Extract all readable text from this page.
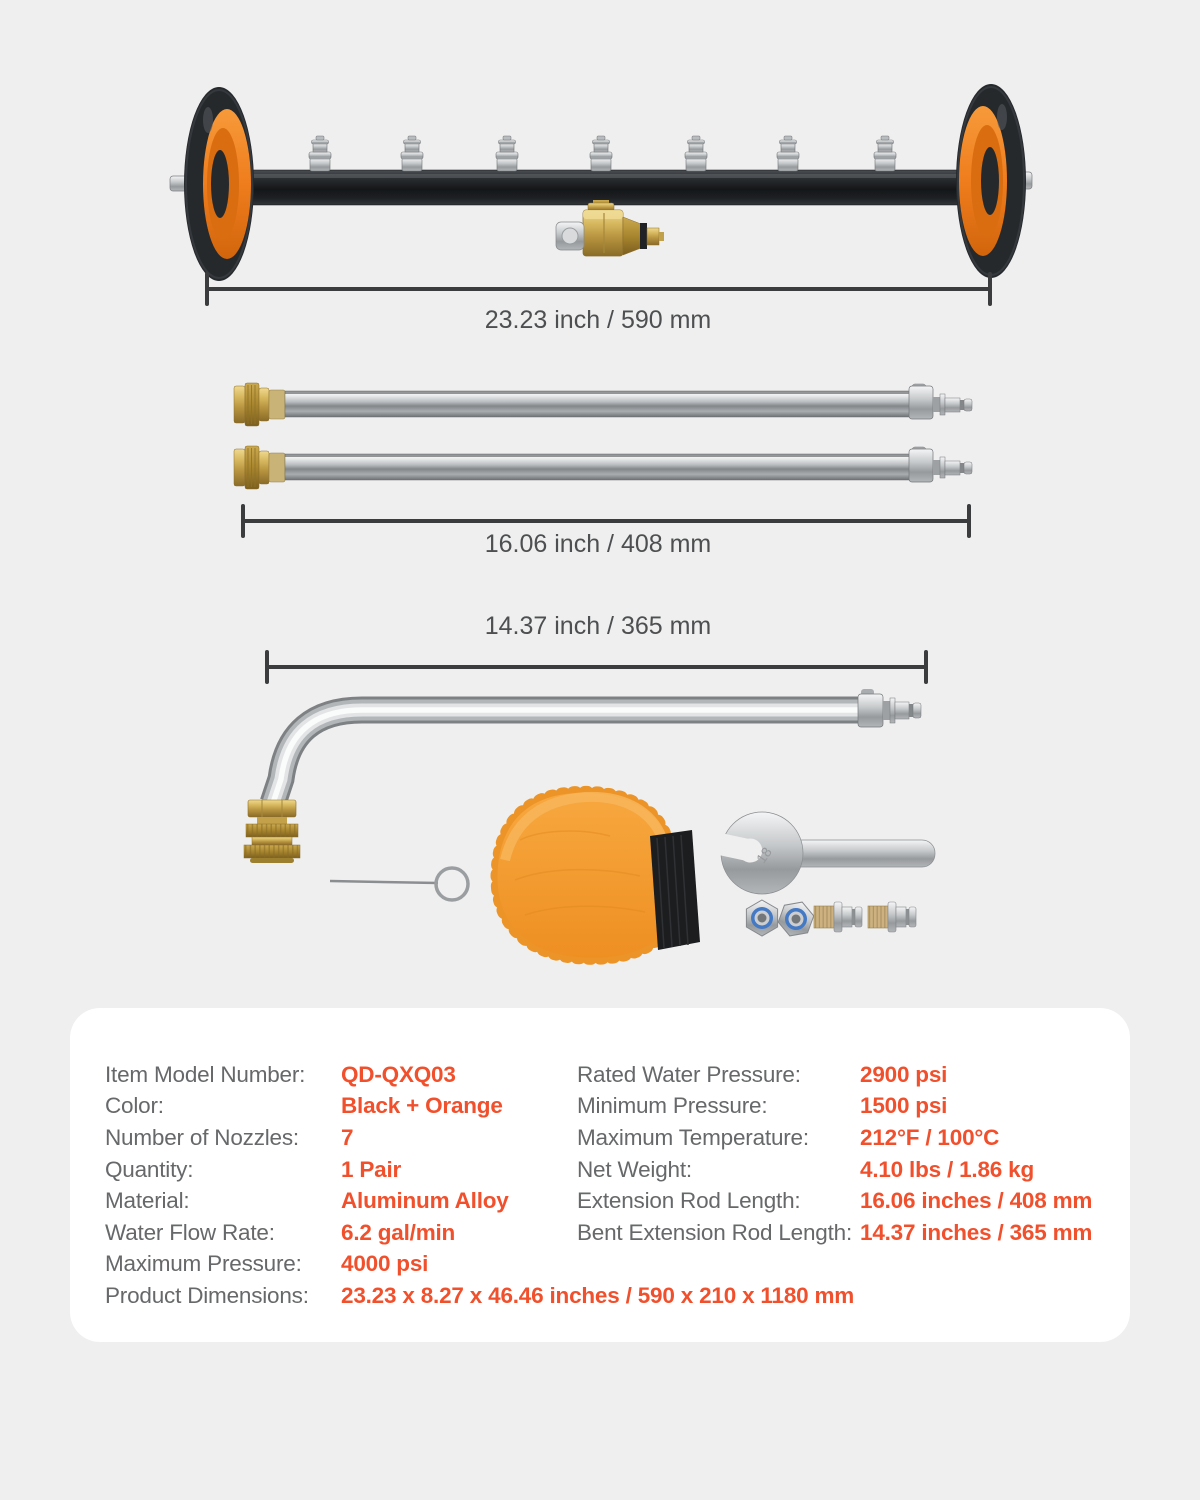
18
23.23 inch / 590 mm
16.06 inch / 408 mm
14.37 inch / 365 mm
Item Model Number:	QD-QXQ03	Rated Water Pressure:	2900 psi
Color:	Black + Orange	Minimum Pressure:	1500 psi
Number of Nozzles:	7	Maximum Temperature:	212°F / 100°C
Quantity:	1 Pair	Net Weight:	4.10 lbs / 1.86 kg
Material:	Aluminum Alloy	Extension Rod Length:	16.06 inches / 408 mm
Water Flow Rate:	6.2 gal/min	Bent Extension Rod Length: 14.37 inches / 365 mm
Maximum Pressure:	4000 psi
Product Dimensions:	23.23 x 8.27 x 46.46 inches / 590 x 210 x 1180 mm
